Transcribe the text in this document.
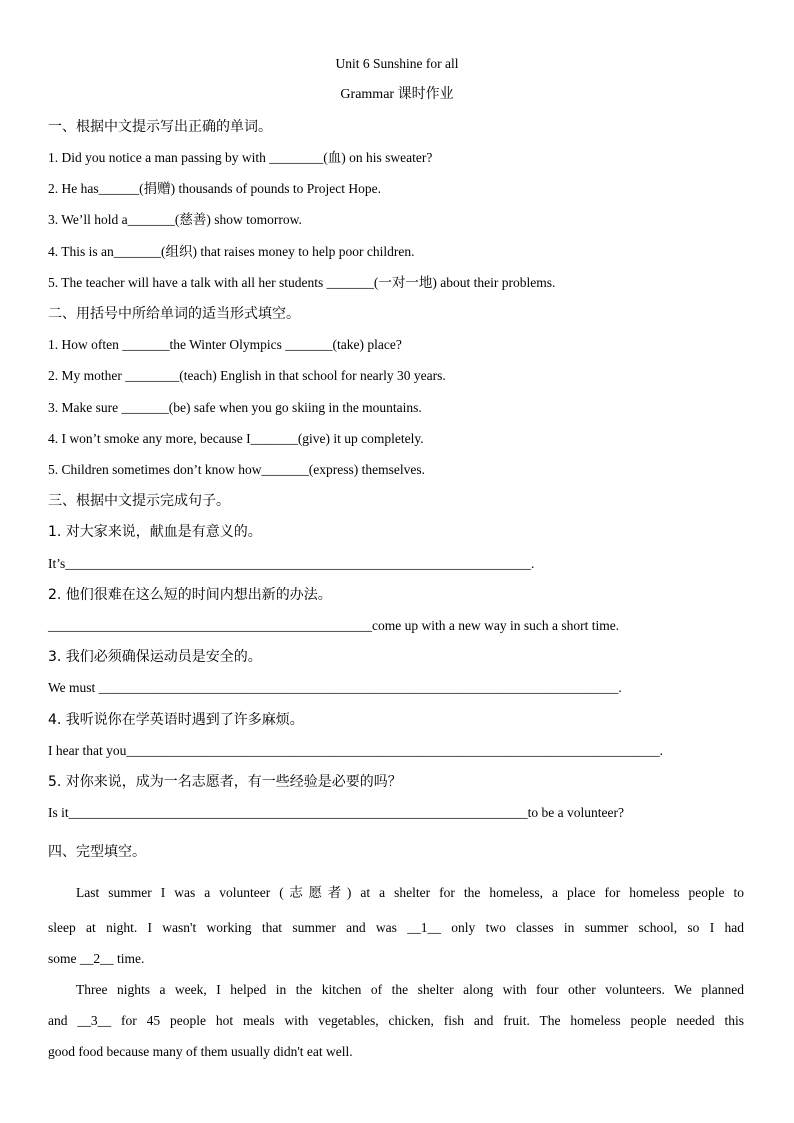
Unit 6 Sunshine for all
Grammar 课时作业
一、根据中文提示写出正确的单词。
1. Did you notice a man passing by with ________(血) on his sweater?
2. He has______(捐赠) thousands of pounds to Project Hope.
3. We’ll hold a_______(慈善) show tomorrow.
4. This is an_______(组织) that raises money to help poor children.
5. The teacher will have a talk with all her students _______(一对一地) about their problems.
二、用括号中所给单词的适当形式填空。
1. How often _______the Winter Olympics _______(take) place?
2. My mother ________(teach) English in that school for nearly 30 years.
3. Make sure _______(be) safe when you go skiing in the mountains.
4. I won’t smoke any more, because I_______(give) it up completely.
5. Children sometimes don’t know how_______(express) themselves.
三、根据中文提示完成句子。
1. 对大家来说，献血是有意义的。
It’s_____________________________________________________________________.
2. 他们很难在这么短的时间内想出新的办法。
________________________________________________come up with a new way in such a short time.
3. 我们必须确保运动员是安全的。
We must _____________________________________________________________________________.
4. 我听说你在学英语时遇到了许多麻烦。
I hear that you_______________________________________________________________________________.
5. 对你来说，成为一名志愿者，有一些经验是必要的吗？
Is it____________________________________________________________________to be a volunteer?
四、完型填空。
Last summer I was a volunteer (志愿者) at a shelter for the homeless, a place for homeless people to
sleep at night. I wasn't working that summer and was __1__ only two classes in summer school, so I had
some __2__ time.
Three nights a week, I helped in the kitchen of the shelter along with four other volunteers. We planned
and __3__ for 45 people hot meals with vegetables, chicken, fish and fruit. The homeless people needed this
good food because many of them usually didn't eat well.
